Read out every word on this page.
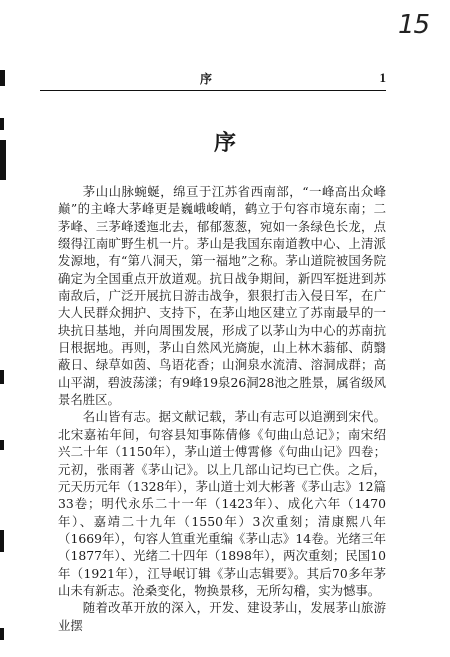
15
序	1
序

茅山山脉蜿蜒，绵亘于江苏省西南部，“一峰高出众峰巅”的主峰大茅峰更是巍峨峻峭，鹤立于句容市境东南；二茅峰、三茅峰逶迤北去，郁郁葱葱，宛如一条绿色长龙，点缀得江南旷野生机一片。茅山是我国东南道教中心、上清派发源地，有“第八洞天，第一福地”之称。茅山道院被国务院确定为全国重点开放道观。抗日战争期间，新四军挺进到苏南敌后，广泛开展抗日游击战争，狠狠打击入侵日军，在广大人民群众拥护、支持下，在茅山地区建立了苏南最早的一块抗日基地，并向周围发展，形成了以茅山为中心的苏南抗日根据地。再则，茅山自然风光旖旎，山上林木蓊郁、荫翳蔽日、绿草如茵、鸟语花香；山涧泉水流清、溶洞成群；高山平湖，碧波荡漾；有9峰19泉26洞28池之胜景，属省级风景名胜区。

名山皆有志。据文献记载，茅山有志可以追溯到宋代。北宋嘉祐年间，句容县知事陈倩修《句曲山总记》；南宋绍兴二十年（1150年），茅山道士傅霄修《句曲山记》四卷；元初，张雨著《茅山记》。以上几部山记均已亡佚。之后，元天历元年（1328年），茅山道士刘大彬著《茅山志》12篇33卷；明代永乐二十一年（1423年）、成化六年（1470年）、嘉靖二十九年（1550年）3次重刻；清康熙八年（1669年），句容人笪重光重编《茅山志》14卷。光绪三年（1877年）、光绪二十四年（1898年），两次重刻；民国10年（1921年），江导岷订辑《茅山志辑要》。其后70多年茅山未有新志。沧桑变化，物换景移，无所勾稽，实为憾事。

随着改革开放的深入，开发、建设茅山，发展茅山旅游业摆
